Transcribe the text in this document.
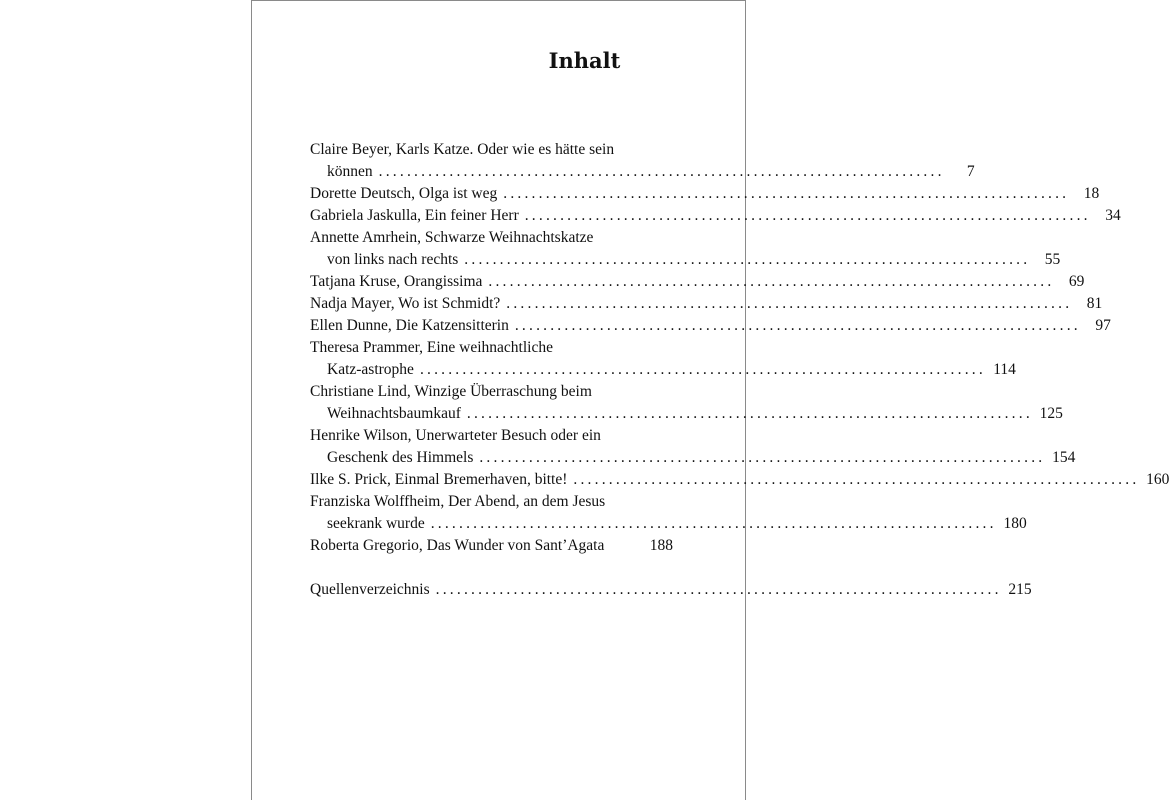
Inhalt
Claire Beyer, Karls Katze. Oder wie es hätte sein
können ................................................................................	7
Dorette Deutsch, Olga ist weg ................................................................................ 18
Gabriela Jaskulla, Ein feiner Herr ................................................................................ 34
Annette Amrhein, Schwarze Weihnachtskatze
von links nach rechts ................................................................................ 55
Tatjana Kruse, Orangissima ................................................................................ 69
Nadja Mayer, Wo ist Schmidt? ................................................................................ 81
Ellen Dunne, Die Katzensitterin ................................................................................ 97
Theresa Prammer, Eine weihnachtliche
Katz-astrophe ................................................................................ 114
Christiane Lind, Winzige Überraschung beim
Weihnachtsbaumkauf ................................................................................ 125
Henrike Wilson, Unerwarteter Besuch oder ein
Geschenk des Himmels ................................................................................ 154
Ilke S. Prick, Einmal Bremerhaven, bitte! ................................................................................ 160
Franziska Wolffheim, Der Abend, an dem Jesus
seekrank wurde ................................................................................ 180
Roberta Gregorio, Das Wunder von Sant’Agata	188
Quellenverzeichnis ................................................................................ 215
